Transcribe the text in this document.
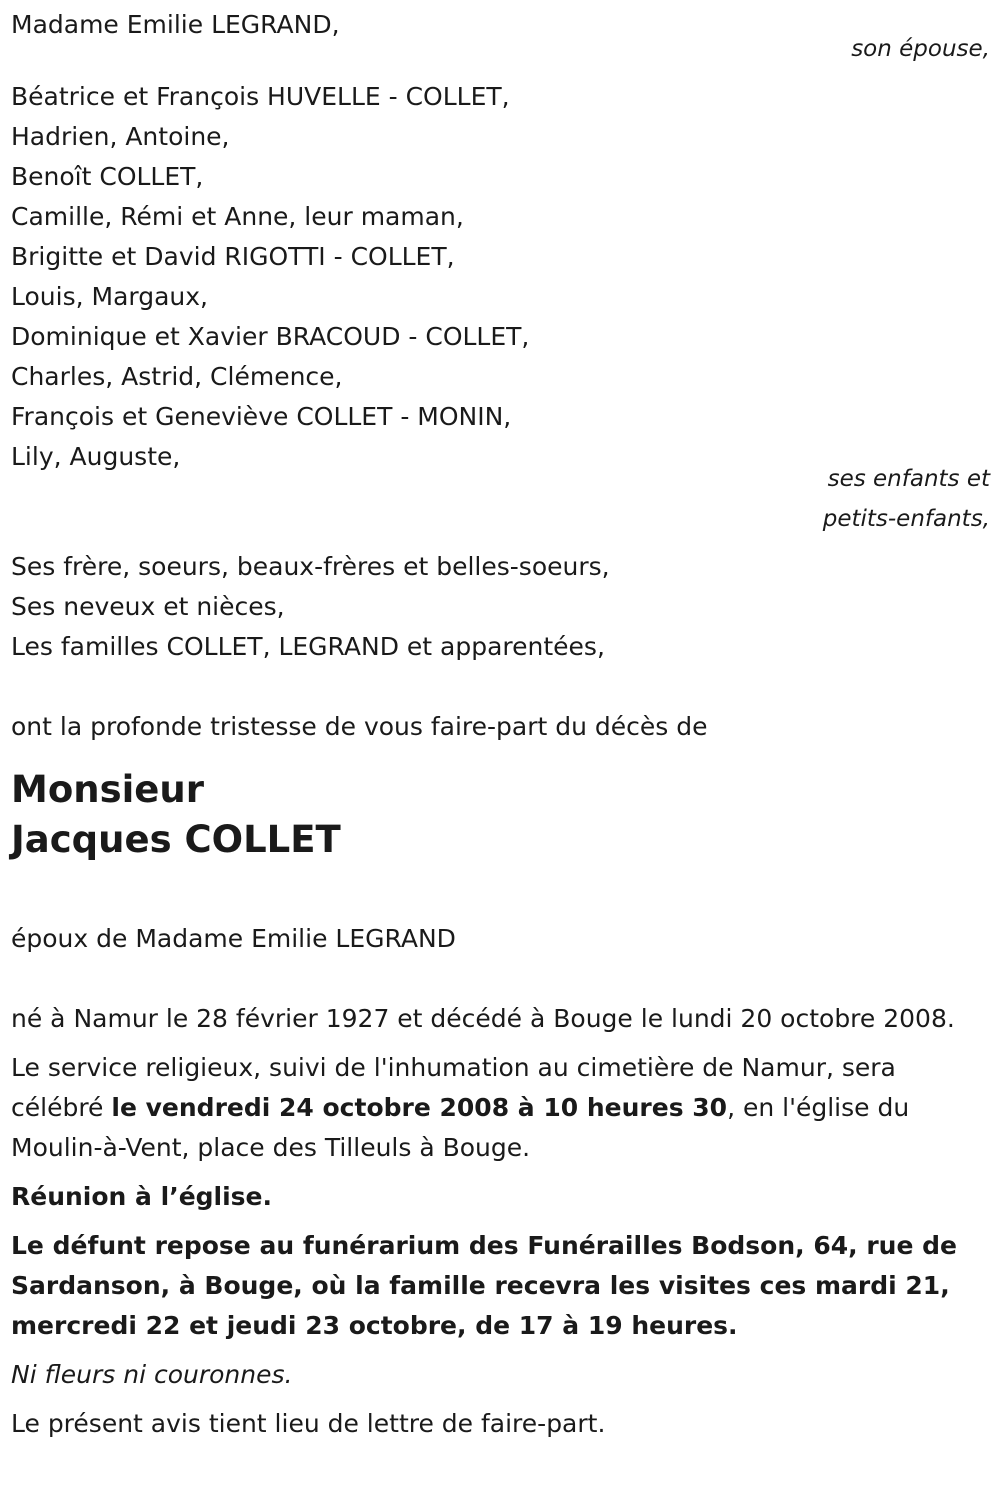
Madame Emilie LEGRAND,
son épouse,
Béatrice et François HUVELLE - COLLET,
Hadrien, Antoine,
Benoît COLLET,
Camille, Rémi et Anne, leur maman,
Brigitte et David RIGOTTI - COLLET,
Louis, Margaux,
Dominique et Xavier BRACOUD - COLLET,
Charles, Astrid, Clémence,
François et Geneviève COLLET - MONIN,
Lily, Auguste,
ses enfants et
petits-enfants,
Ses frère, soeurs, beaux-frères et belles-soeurs,
Ses neveux et nièces,
Les familles COLLET, LEGRAND et apparentées,
ont la profonde tristesse de vous faire-part du décès de
Monsieur
Jacques COLLET
époux de Madame Emilie LEGRAND

né à Namur le 28 février 1927 et décédé à Bouge le lundi 20 octobre 2008.

Le service religieux, suivi de l'inhumation au cimetière de Namur, sera célébré le vendredi 24 octobre 2008 à 10 heures 30, en l'église du Moulin-à-Vent, place des Tilleuls à Bouge.

Réunion à l’église.

Le défunt repose au funérarium des Funérailles Bodson, 64, rue de Sardanson, à Bouge, où la famille recevra les visites ces mardi 21, mercredi 22 et jeudi 23 octobre, de 17 à 19 heures.

Ni fleurs ni couronnes.

Le présent avis tient lieu de lettre de faire-part.
